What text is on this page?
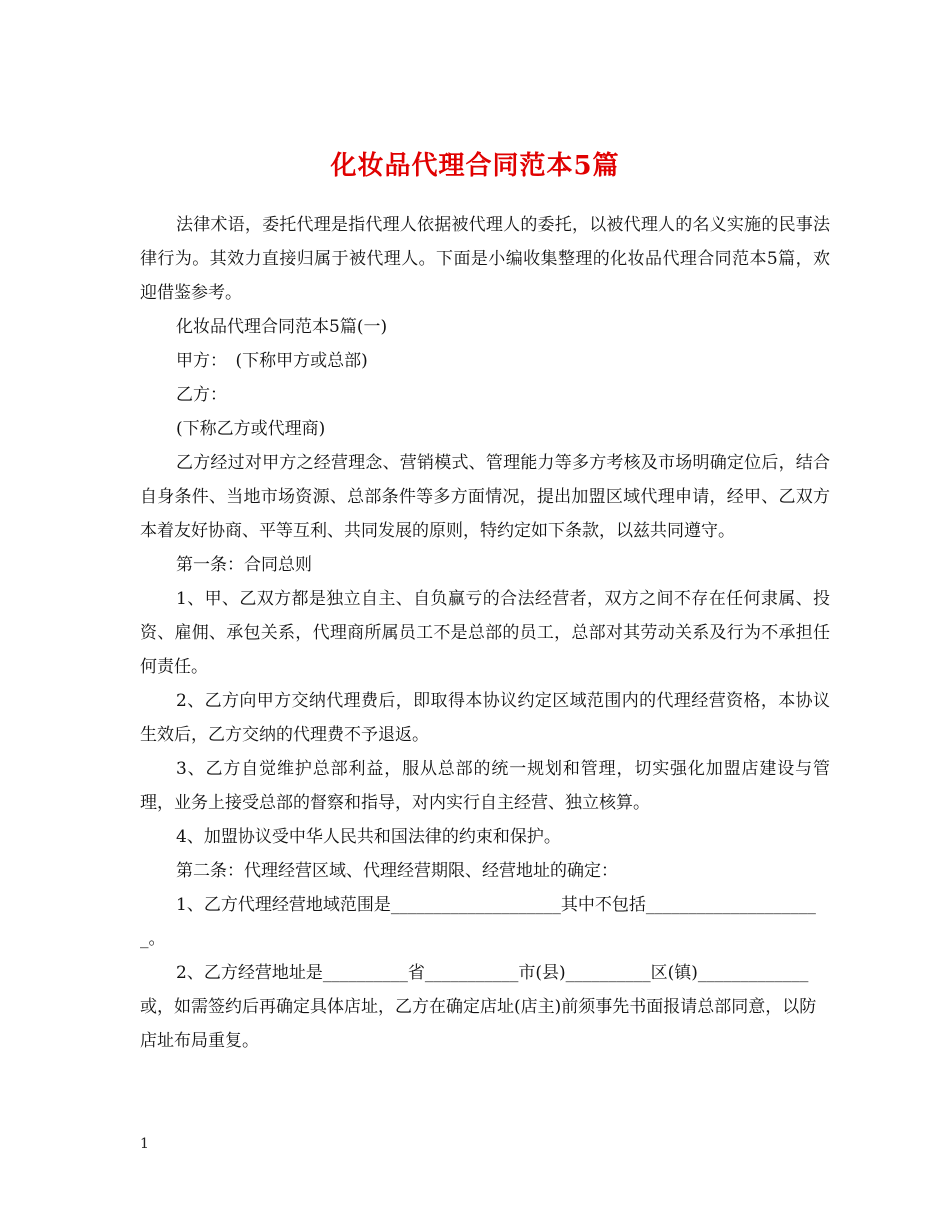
化妆品代理合同范本5篇

法律术语，委托代理是指代理人依据被代理人的委托，以被代理人的名义实施的民事法律行为。其效力直接归属于被代理人。下面是小编收集整理的化妆品代理合同范本5篇，欢迎借鉴参考。

化妆品代理合同范本5篇(一)

甲方：　(下称甲方或总部)

乙方：

(下称乙方或代理商)

乙方经过对甲方之经营理念、营销模式、管理能力等多方考核及市场明确定位后，结合自身条件、当地市场资源、总部条件等多方面情况，提出加盟区域代理申请，经甲、乙双方本着友好协商、平等互利、共同发展的原则，特约定如下条款，以兹共同遵守。

第一条：合同总则

1、甲、乙双方都是独立自主、自负赢亏的合法经营者，双方之间不存在任何隶属、投资、雇佣、承包关系，代理商所属员工不是总部的员工，总部对其劳动关系及行为不承担任何责任。

2、乙方向甲方交纳代理费后，即取得本协议约定区域范围内的代理经营资格，本协议生效后，乙方交纳的代理费不予退返。

3、乙方自觉维护总部利益，服从总部的统一规划和管理，切实强化加盟店建设与管理，业务上接受总部的督察和指导，对内实行自主经营、独立核算。

4、加盟协议受中华人民共和国法律的约束和保护。

第二条：代理经营区域、代理经营期限、经营地址的确定：

1、乙方代理经营地域范围是____________________其中不包括_____________________。

2、乙方经营地址是__________省___________市(县)__________区(镇)_____________或，如需签约后再确定具体店址，乙方在确定店址(店主)前须事先书面报请总部同意，以防店址布局重复。

1
